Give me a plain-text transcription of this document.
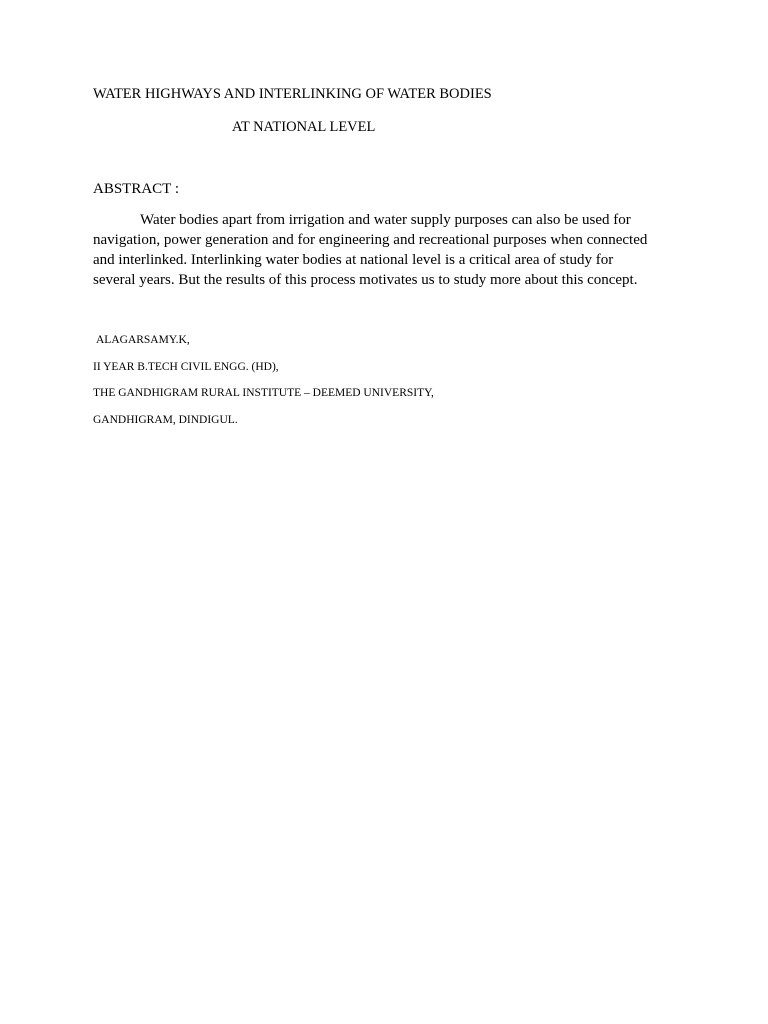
WATER HIGHWAYS AND INTERLINKING OF WATER BODIES
AT NATIONAL LEVEL
ABSTRACT :
Water bodies apart from irrigation and water supply purposes can also be used for
navigation, power generation and for engineering and recreational purposes when connected
and interlinked. Interlinking water bodies at national level is a critical area of study for
several years. But the results of this process motivates us to study more about this concept.
ALAGARSAMY.K,
II YEAR B.TECH CIVIL ENGG. (HD),
THE GANDHIGRAM RURAL INSTITUTE – DEEMED UNIVERSITY,
GANDHIGRAM, DINDIGUL.
